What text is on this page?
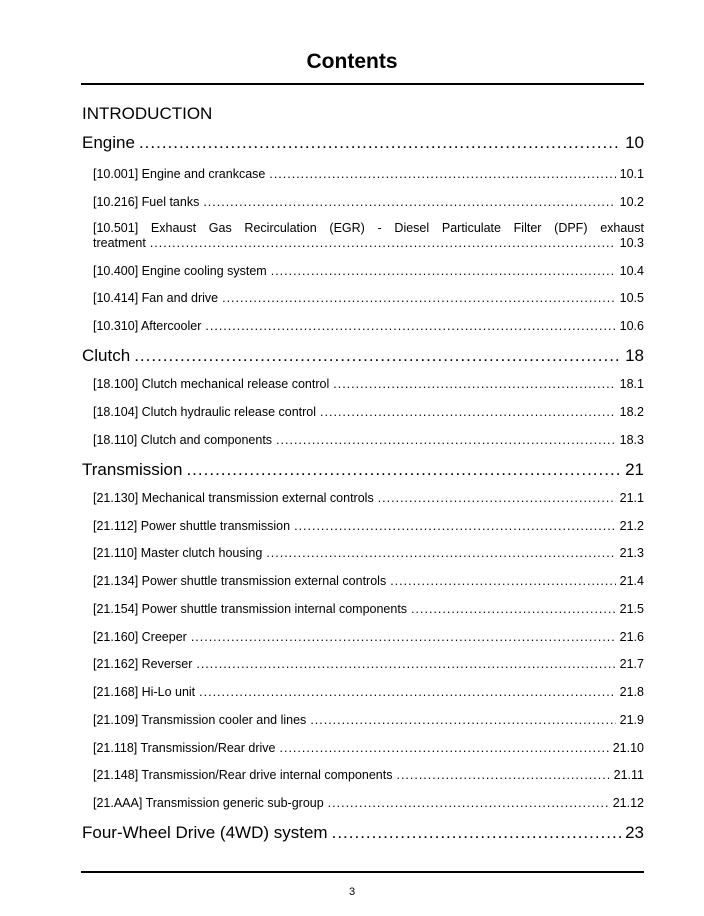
Contents
INTRODUCTION
Engine .....	10
[10.001] Engine and crankcase .....	10.1
[10.216] Fuel tanks .....	10.2
[10.501] Exhaust Gas Recirculation (EGR) - Diesel Particulate Filter (DPF) exhaust
treatment .....	10.3
[10.400] Engine cooling system .....	10.4
[10.414] Fan and drive .....	10.5
[10.310] Aftercooler .....	10.6
Clutch .....	18
[18.100] Clutch mechanical release control .....	18.1
[18.104] Clutch hydraulic release control .....	18.2
[18.110] Clutch and components .....	18.3
Transmission .....	21
[21.130] Mechanical transmission external controls .....	21.1
[21.112] Power shuttle transmission .....	21.2
[21.110] Master clutch housing .....	21.3
[21.134] Power shuttle transmission external controls .....	21.4
[21.154] Power shuttle transmission internal components .....	21.5
[21.160] Creeper .....	21.6
[21.162] Reverser .....	21.7
[21.168] Hi-Lo unit .....	21.8
[21.109] Transmission cooler and lines .....	21.9
[21.118] Transmission/Rear drive .....	21.10
[21.148] Transmission/Rear drive internal components .....	21.11
[21.AAA] Transmission generic sub-group .....	21.12
Four-Wheel Drive (4WD) system .....	23
3
